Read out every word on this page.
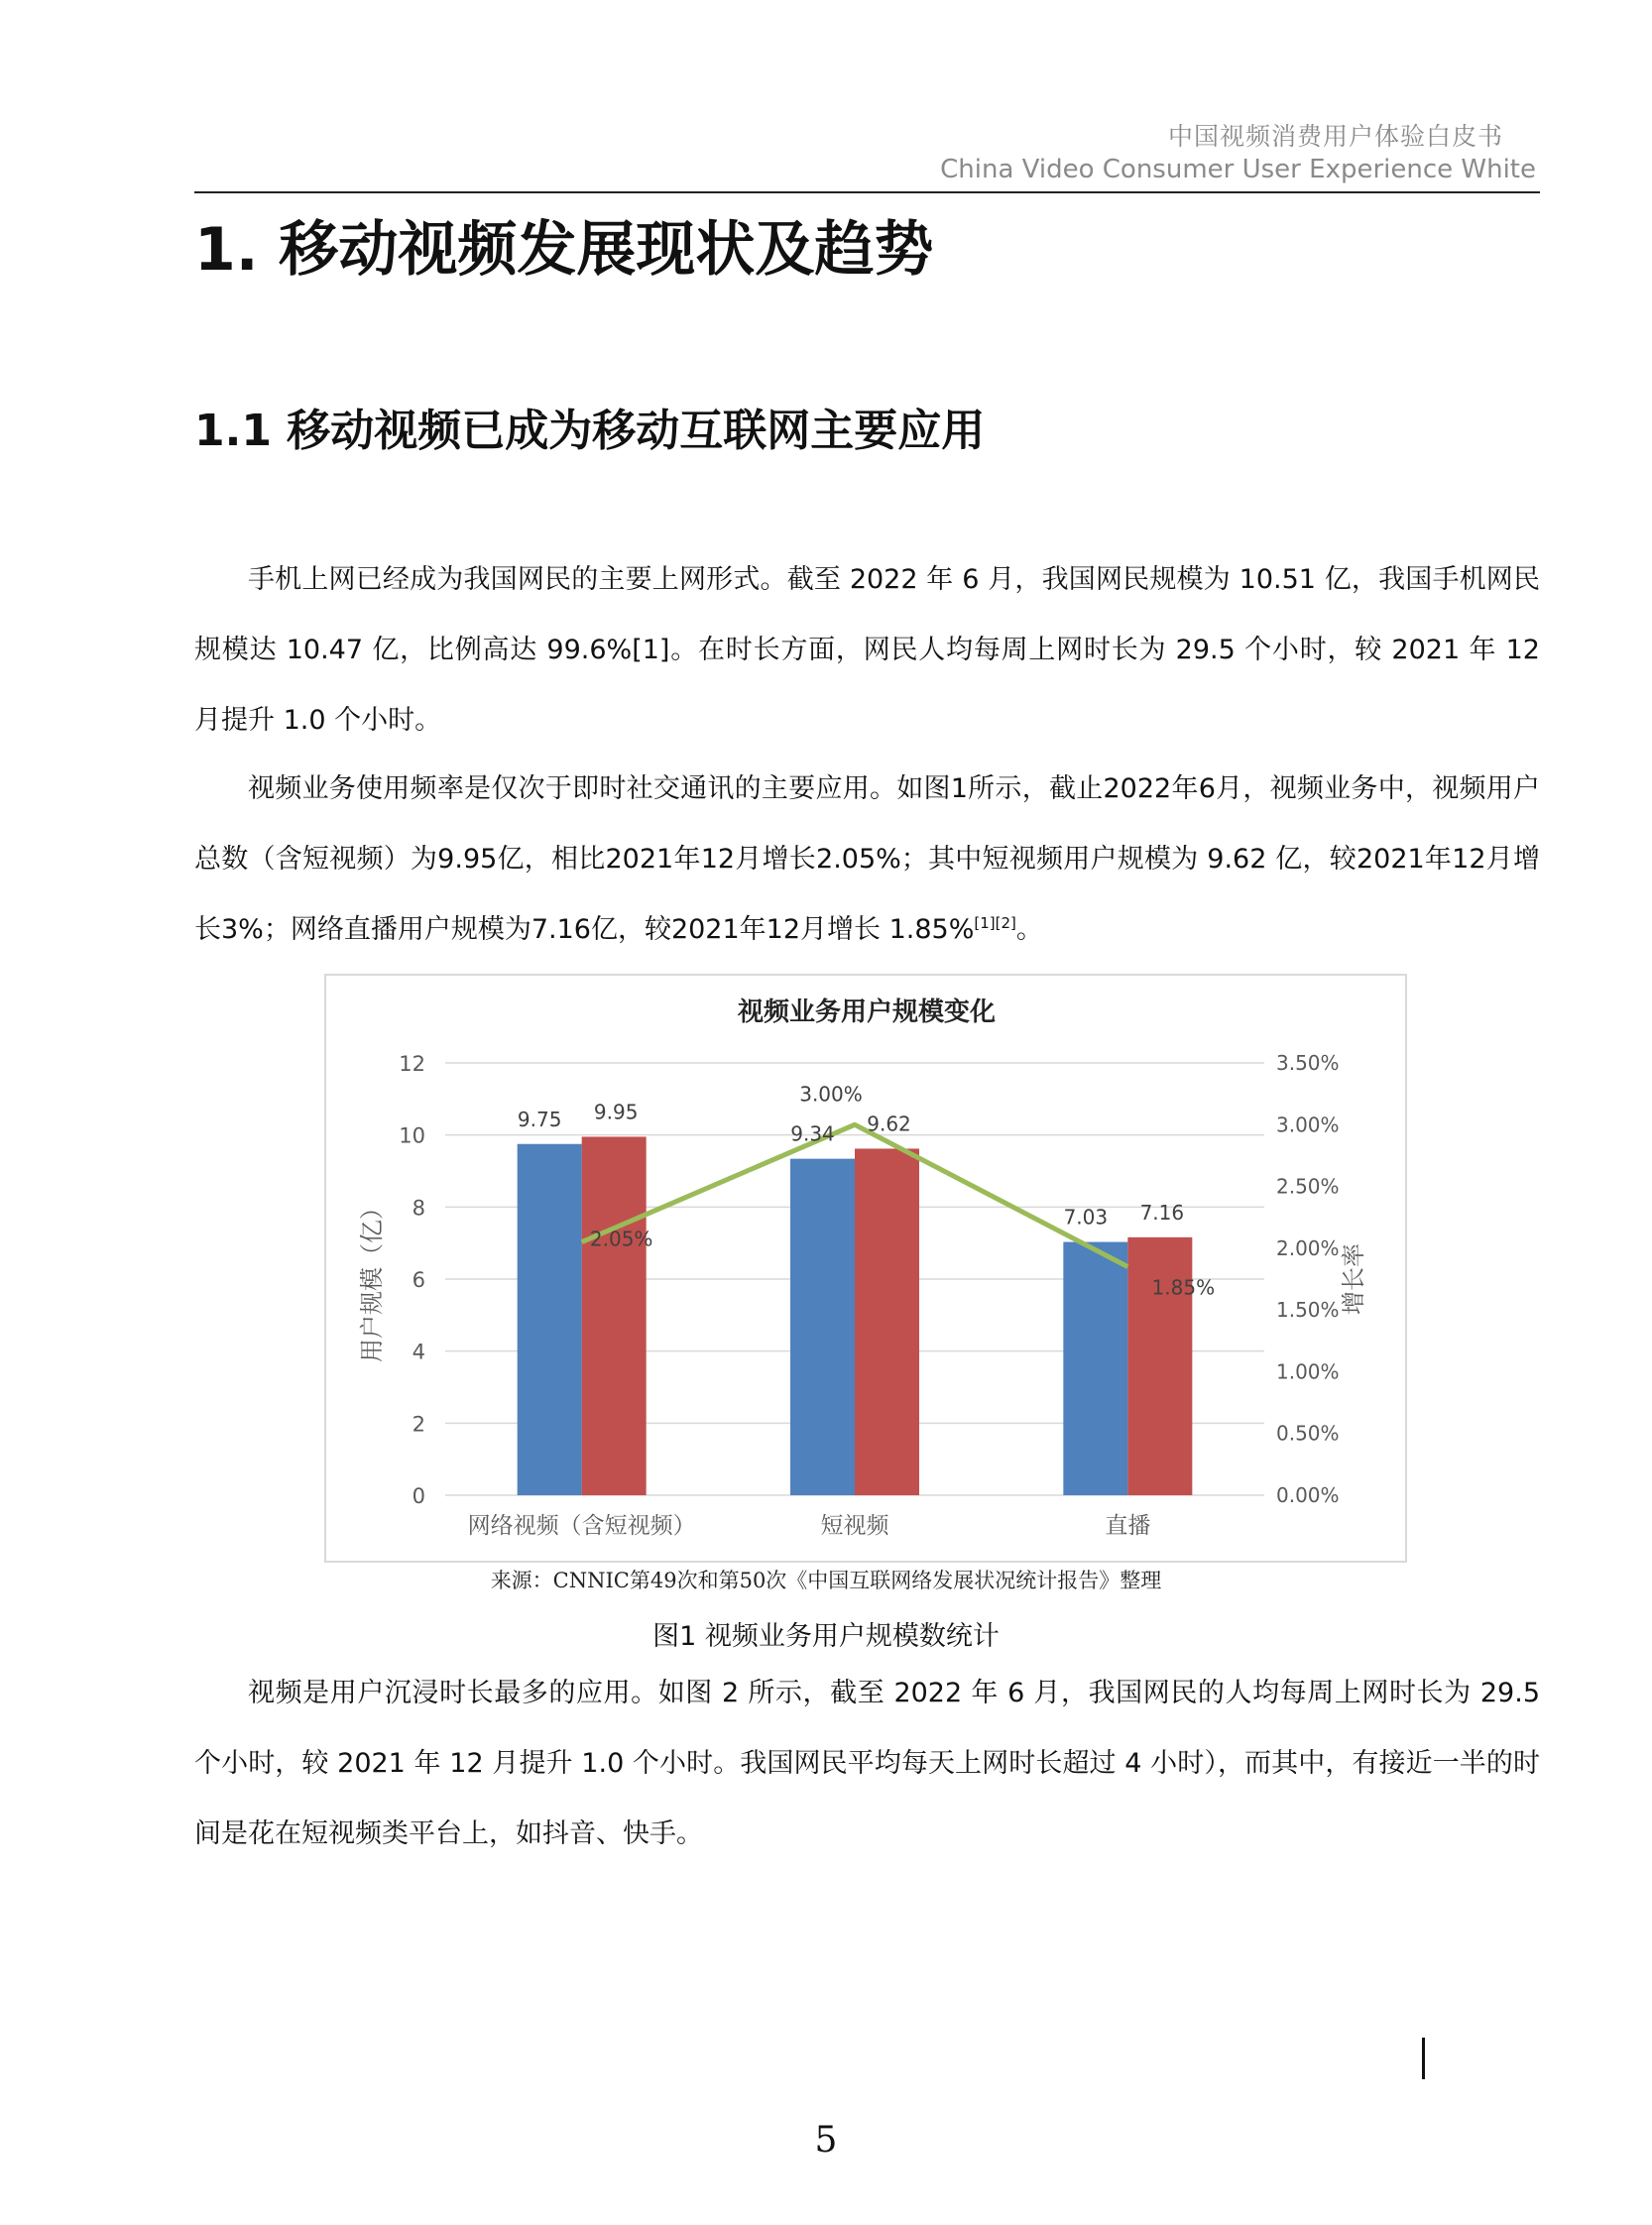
中国视频消费用户体验白皮书
China Video Consumer User Experience White
1. 移动视频发展现状及趋势
1.1 移动视频已成为移动互联网主要应用

手机上网已经成为我国网民的主要上网形式。截至 2022 年 6 月，我国网民规模为 10.51 亿，我国手机网民规模达 10.47 亿，比例高达 99.6%[1]。在时长方面，网民人均每周上网时长为 29.5 个小时，较 2021 年 12 月提升 1.0 个小时。

视频业务使用频率是仅次于即时社交通讯的主要应用。如图1所示，截止2022年6月，视频业务中，视频用户总数（含短视频）为9.95亿，相比2021年12月增长2.05%；其中短视频用户规模为 9.62 亿，较2021年12月增长3%；网络直播用户规模为7.16亿，较2021年12月增长 1.85%[1][2]。

视频业务用户规模变化
9.75 9.95
9.34 9.62
7.03 7.16
2.05%
3.00%
1.85%
0
2
4
6
8
10
12
0.00%
0.50%
1.00%
1.50%
2.00%
2.50%
3.00%
3.50%
网络视频（含短视频）	短视频	直播
用户规模（亿）	增长率
来源：CNNIC第49次和第50次《中国互联网络发展状况统计报告》整理
图1 视频业务用户规模数统计

视频是用户沉浸时长最多的应用。如图 2 所示，截至 2022 年 6 月，我国网民的人均每周上网时长为 29.5 个小时，较 2021 年 12 月提升 1.0 个小时。我国网民平均每天上网时长超过 4 小时），而其中，有接近一半的时间是花在短视频类平台上，如抖音、快手。

5
